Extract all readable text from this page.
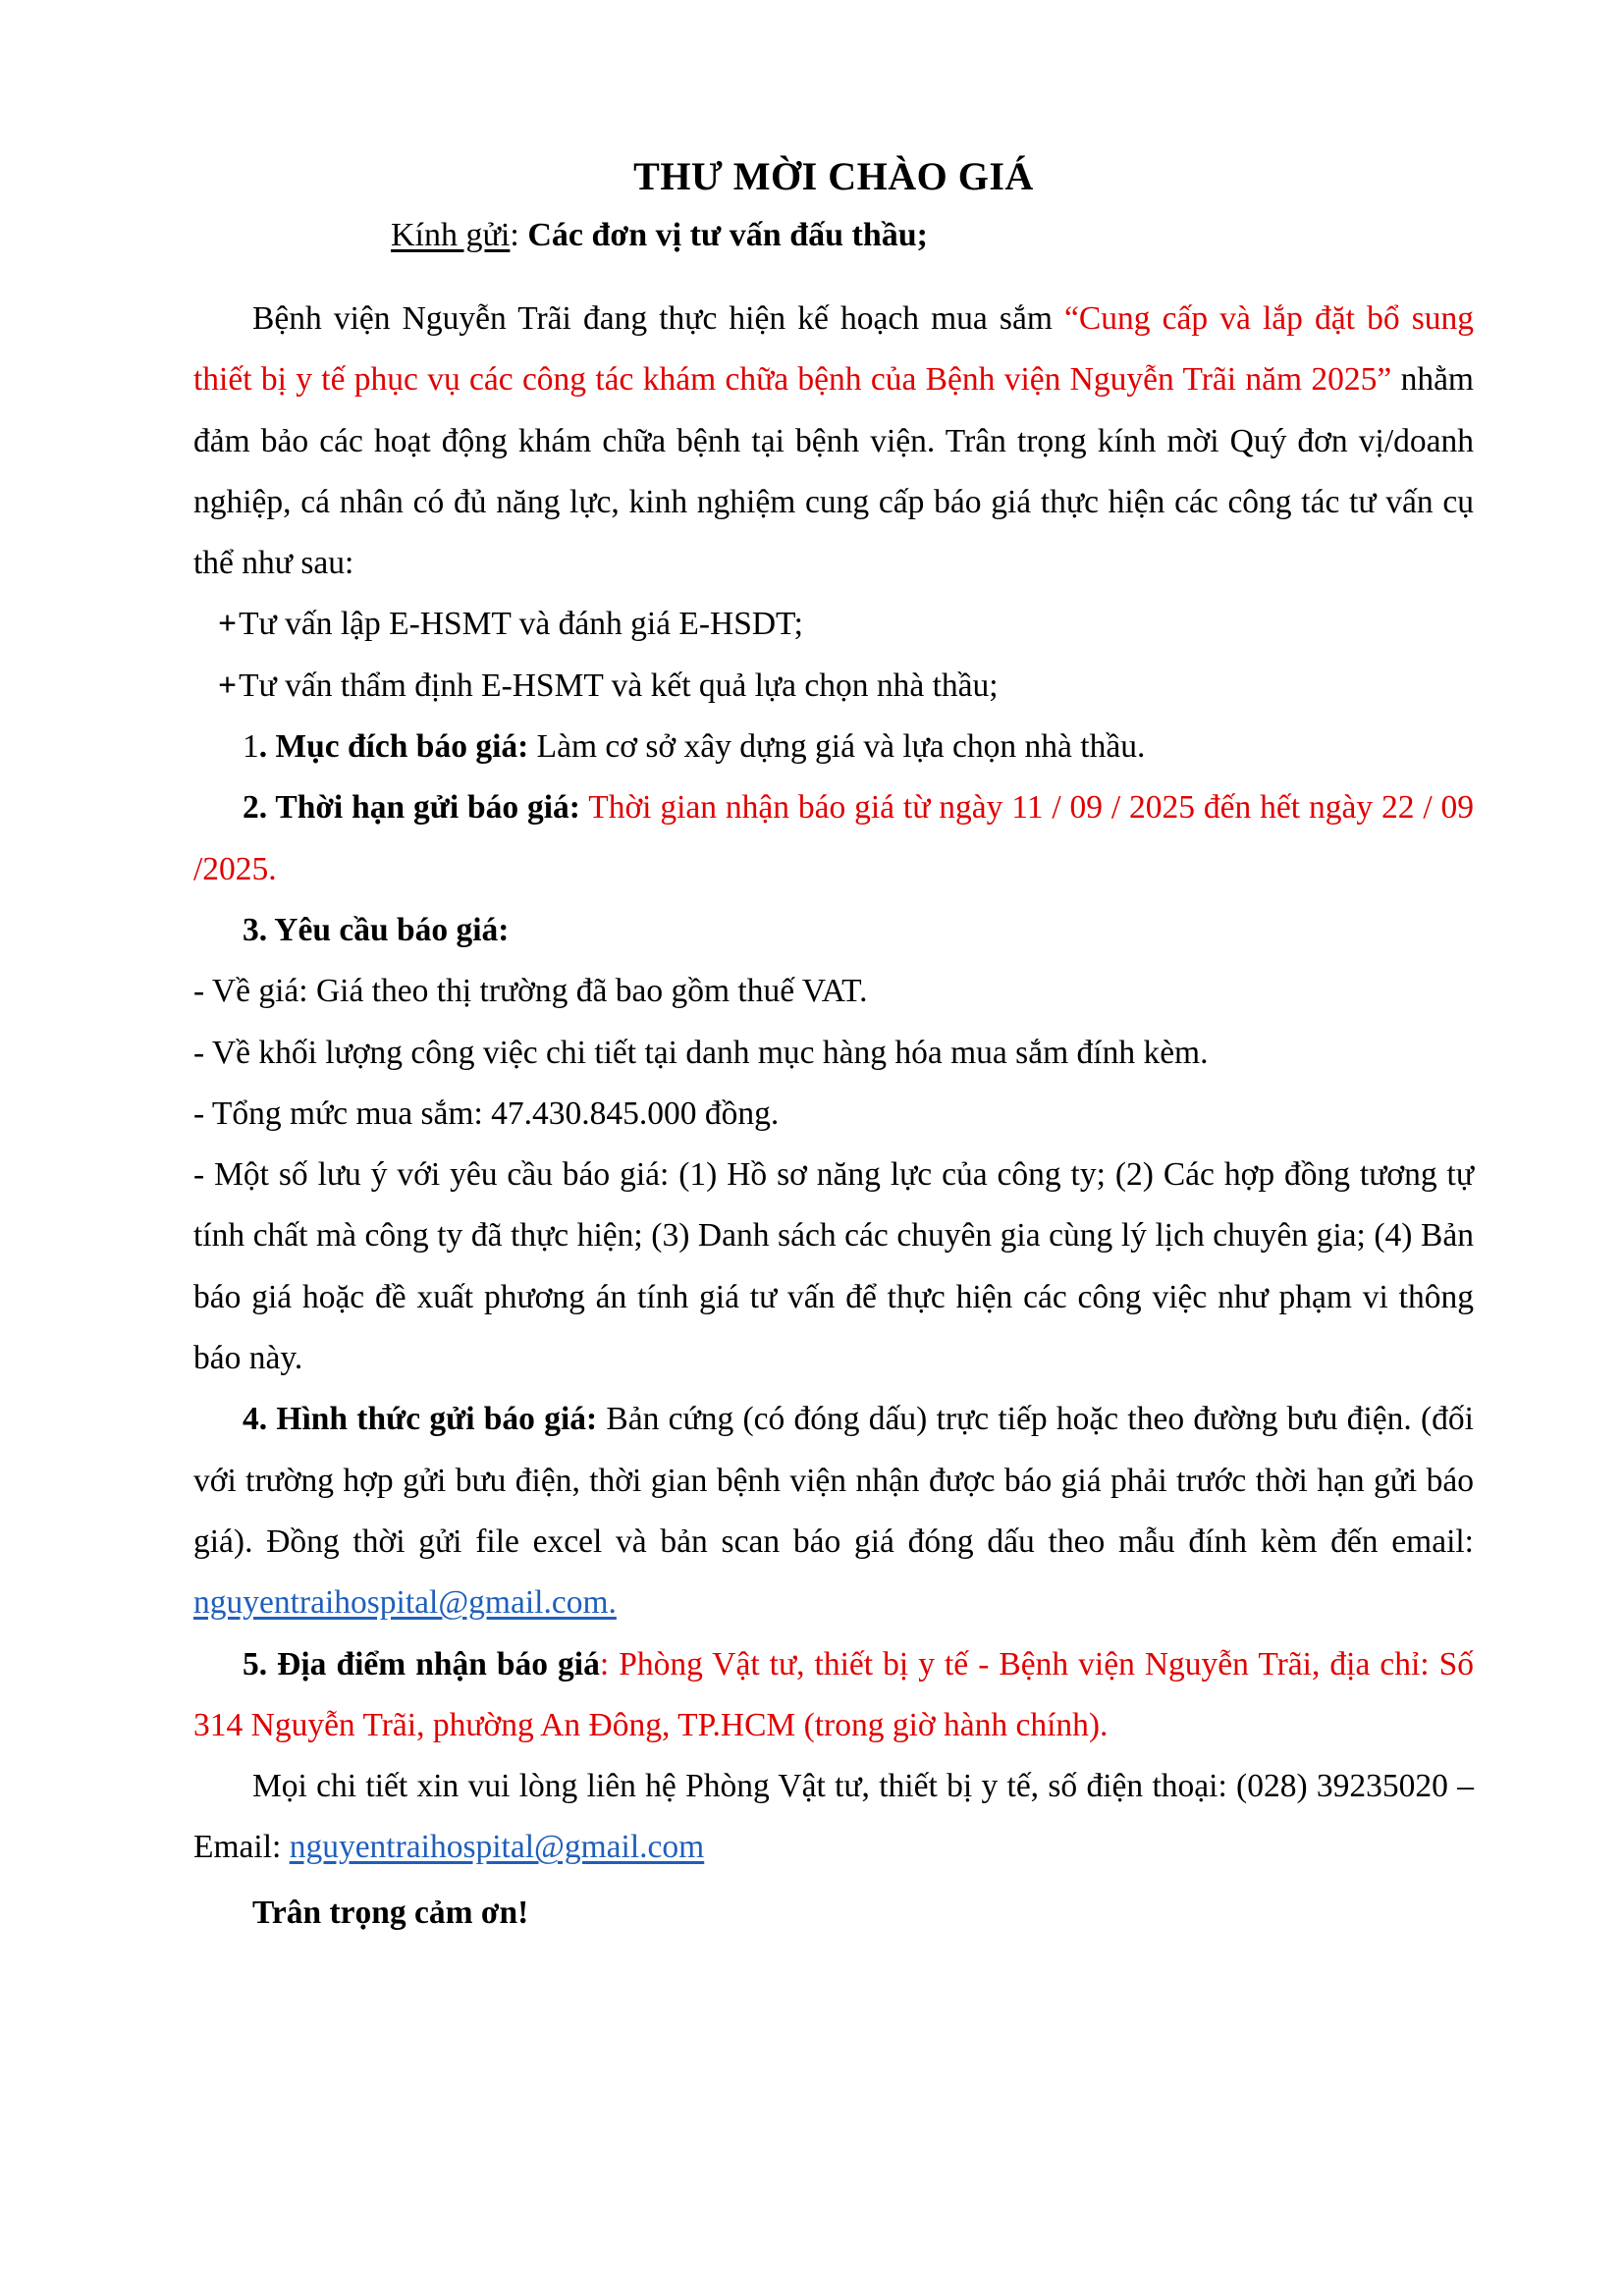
THƯ MỜI CHÀO GIÁ
Kính gửi: Các đơn vị tư vấn đấu thầu;

Bệnh viện Nguyễn Trãi đang thực hiện kế hoạch mua sắm “Cung cấp và lắp đặt bổ sung thiết bị y tế phục vụ các công tác khám chữa bệnh của Bệnh viện Nguyễn Trãi năm 2025” nhằm đảm bảo các hoạt động khám chữa bệnh tại bệnh viện. Trân trọng kính mời Quý đơn vị/doanh nghiệp, cá nhân có đủ năng lực, kinh nghiệm cung cấp báo giá thực hiện các công tác tư vấn cụ thể như sau:

+Tư vấn lập E-HSMT và đánh giá E-HSDT;

+Tư vấn thẩm định E-HSMT và kết quả lựa chọn nhà thầu;

1. Mục đích báo giá: Làm cơ sở xây dựng giá và lựa chọn nhà thầu.

2. Thời hạn gửi báo giá: Thời gian nhận báo giá từ ngày 11 / 09 / 2025 đến hết ngày 22 / 09 /2025.

3. Yêu cầu báo giá:

- Về giá: Giá theo thị trường đã bao gồm thuế VAT.

- Về khối lượng công việc chi tiết tại danh mục hàng hóa mua sắm đính kèm.

- Tổng mức mua sắm: 47.430.845.000 đồng.

- Một số lưu ý với yêu cầu báo giá: (1) Hồ sơ năng lực của công ty; (2) Các hợp đồng tương tự tính chất mà công ty đã thực hiện; (3) Danh sách các chuyên gia cùng lý lịch chuyên gia; (4) Bản báo giá hoặc đề xuất phương án tính giá tư vấn để thực hiện các công việc như phạm vi thông báo này.

4. Hình thức gửi báo giá: Bản cứng (có đóng dấu) trực tiếp hoặc theo đường bưu điện. (đối với trường hợp gửi bưu điện, thời gian bệnh viện nhận được báo giá phải trước thời hạn gửi báo giá). Đồng thời gửi file excel và bản scan báo giá đóng dấu theo mẫu đính kèm đến email: nguyentraihospital@gmail.com.

5. Địa điểm nhận báo giá: Phòng Vật tư, thiết bị y tế - Bệnh viện Nguyễn Trãi, địa chỉ: Số 314 Nguyễn Trãi, phường An Đông, TP.HCM (trong giờ hành chính).

Mọi chi tiết xin vui lòng liên hệ Phòng Vật tư, thiết bị y tế, số điện thoại: (028) 39235020 – Email: nguyentraihospital@gmail.com

Trân trọng cảm ơn!
